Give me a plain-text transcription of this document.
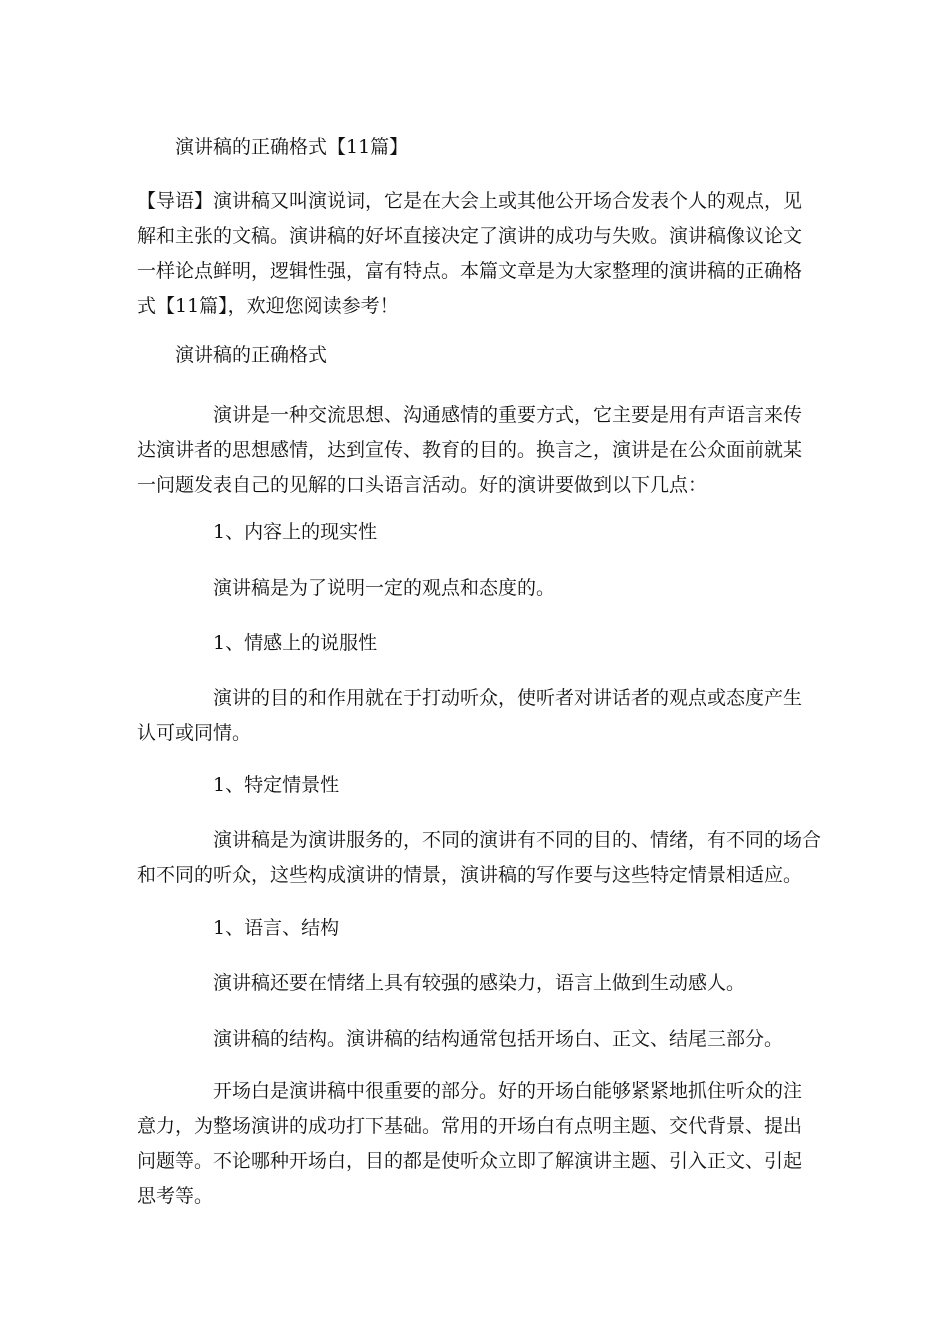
演讲稿的正确格式【11篇】
【导语】演讲稿又叫演说词，它是在大会上或其他公开场合发表个人的观点，见解和主张的文稿。演讲稿的好坏直接决定了演讲的成功与失败。演讲稿像议论文一样论点鲜明，逻辑性强，富有特点。本篇文章是为大家整理的演讲稿的正确格式【11篇】，欢迎您阅读参考！
演讲稿的正确格式
演讲是一种交流思想、沟通感情的重要方式，它主要是用有声语言来传达演讲者的思想感情，达到宣传、教育的目的。换言之，演讲是在公众面前就某一问题发表自己的见解的口头语言活动。好的演讲要做到以下几点：
1、内容上的现实性
演讲稿是为了说明一定的观点和态度的。
1、情感上的说服性
演讲的目的和作用就在于打动听众，使听者对讲话者的观点或态度产生认可或同情。
1、特定情景性
演讲稿是为演讲服务的，不同的演讲有不同的目的、情绪，有不同的场合和不同的听众，这些构成演讲的情景，演讲稿的写作要与这些特定情景相适应。
1、语言、结构
演讲稿还要在情绪上具有较强的感染力，语言上做到生动感人。
演讲稿的结构。演讲稿的结构通常包括开场白、正文、结尾三部分。
开场白是演讲稿中很重要的部分。好的开场白能够紧紧地抓住听众的注意力，为整场演讲的成功打下基础。常用的开场白有点明主题、交代背景、提出问题等。不论哪种开场白，目的都是使听众立即了解演讲主题、引入正文、引起思考等。
